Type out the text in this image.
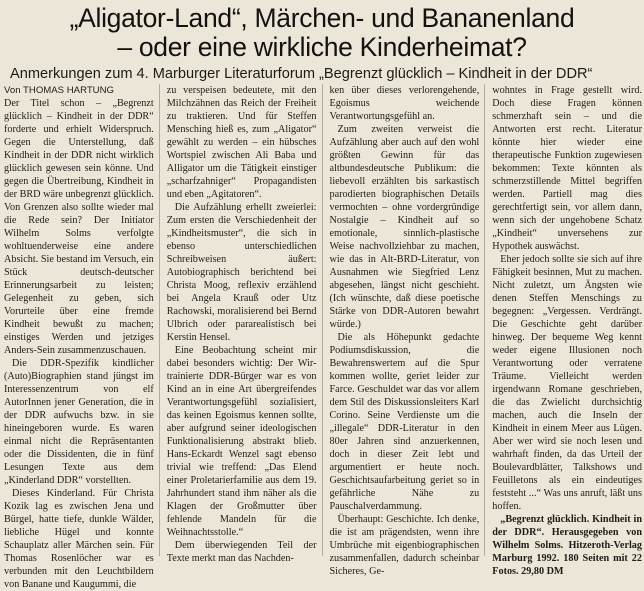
„Aligator-Land“, Märchen- und Bananenland
– oder eine wirkliche Kinderheimat?
Anmerkungen zum 4. Marburger Literaturforum „Begrenzt glücklich – Kindheit in der DDR“
Von THOMAS HARTUNG

Der Titel schon – „Begrenzt glücklich – Kindheit in der DDR“ forderte und erhielt Widerspruch. Gegen die Unterstellung, daß Kindheit in der DDR nicht wirklich glücklich gewesen sein könne. Und gegen die Übertreibung, Kindheit in der BRD wäre unbegrenzt glücklich. Von Grenzen also sollte wieder mal die Rede sein? Der Initiator Wilhelm Solms verfolgte wohltuenderweise eine andere Absicht. Sie bestand im Versuch, ein Stück deutsch-deutscher Erinnerungsarbeit zu leisten; Gelegenheit zu geben, sich Vorurteile über eine fremde Kindheit bewußt zu machen; einstiges Werden und jetziges Anders-Sein zusammenzuschauen.

Die DDR-Spezifik kindlicher (Auto)Biographien stand jüngst im Interessenzentrum von elf AutorInnen jener Generation, die in der DDR aufwuchs bzw. in sie hineingeboren wurde. Es waren einmal nicht die Repräsentanten oder die Dissidenten, die in fünf Lesungen Texte aus dem „Kinderland DDR“ vorstellten.

Dieses Kinderland. Für Christa Kozik lag es zwischen Jena und Bürgel, hatte tiefe, dunkle Wälder, liebliche Hügel und konnte Schauplatz aller Märchen sein. Für Thomas Rosenlöcher war es verbunden mit den Leuchtbildern von Banane und Kaugummi, die

zu verspeisen bedeutete, mit den Milchzähnen das Reich der Freiheit zu traktieren. Und für Steffen Mensching hieß es, zum „Aligator“ gewählt zu werden – ein hübsches Wortspiel zwischen Ali Baba und Alligator um die Tätigkeit einstiger „scharfzahniger“ Propagandisten und eben „Agitatoren“.

Die Aufzählung erhellt zweierlei: Zum ersten die Verschiedenheit der „Kindheitsmuster“, die sich in ebenso unterschiedlichen Schreibweisen äußert: Autobiographisch berichtend bei Christa Moog, reflexiv erzählend bei Angela Krauß oder Utz Rachowski, moralisierend bei Bernd Ulbrich oder pararealistisch bei Kerstin Hensel.

Eine Beobachtung scheint mir dabei besonders wichtig: Der Wir-trainierte DDR-Bürger war es von Kind an in eine Art übergreifendes Verantwortungsgefühl sozialisiert, das keinen Egoismus kennen sollte, aber aufgrund seiner ideologischen Funktionalisierung abstrakt blieb. Hans-Eckardt Wenzel sagt ebenso trivial wie treffend: „Das Elend einer Proletarierfamilie aus dem 19. Jahrhundert stand ihm näher als die Klagen der Großmutter über fehlende Mandeln für die Weihnachtsstolle.“

Dem überwiegenden Teil der Texte merkt man das Nachden-

ken über dieses verlorengehende, Egoismus weichende Verantwortungsgefühl an.

Zum zweiten verweist die Aufzählung aber auch auf den wohl größten Gewinn für das altbundesdeutsche Publikum: die liebevoll erzählten bis sarkastisch parodierten biographischen Details vermochten – ohne vordergründige Nostalgie – Kindheit auf so emotionale, sinnlich-plastische Weise nachvollziehbar zu machen, wie das in Alt-BRD-Literatur, von Ausnahmen wie Siegfried Lenz abgesehen, längst nicht geschieht. (Ich wünschte, daß diese poetische Stärke von DDR-Autoren bewahrt würde.)

Die als Höhepunkt gedachte Podiumsdiskussion, die Bewahrenswertem auf die Spur kommen wollte, geriet leider zur Farce. Geschuldet war das vor allem dem Stil des Diskussionsleiters Karl Corino. Seine Verdienste um die „illegale“ DDR-Literatur in den 80er Jahren sind anzuerkennen, doch in dieser Zeit lebt und argumentiert er heute noch. Geschichtsaufarbeitung geriet so in gefährliche Nähe zu Pauschalverdammung.

Überhaupt: Geschichte. Ich denke, die ist am prägendsten, wenn ihre Umbrüche mit eigenbiographischen zusammenfallen, dadurch scheinbar Sicheres, Ge-

wohntes in Frage gestellt wird. Doch diese Fragen können schmerzhaft sein – und die Antworten erst recht. Literatur könnte hier wieder eine therapeutische Funktion zugewiesen bekommen: Texte könnten als schmerzstillende Mittel begriffen werden. Partiell mag dies gerechtfertigt sein, vor allem dann, wenn sich der ungehobene Schatz „Kindheit“ unversehens zur Hypothek auswächst.

Eher jedoch sollte sie sich auf ihre Fähigkeit besinnen, Mut zu machen. Nicht zuletzt, um Ängsten wie denen Steffen Menschings zu begegnen: „Vergessen. Verdrängt. Die Geschichte geht darüber hinweg. Der bequeme Weg kennt weder eigene Illusionen noch Verantwortung oder verratene Träume. Vielleicht werden irgendwann Romane geschrieben, die das Zwielicht durchsichtig machen, auch die Inseln der Kindheit in einem Meer aus Lügen. Aber wer wird sie noch lesen und wahrhaft finden, da das Urteil der Boulevardblätter, Talkshows und Feuilletons als ein eindeutiges feststeht ...“ Was uns anruft, läßt uns hoffen.

„Begrenzt glücklich. Kindheit in der DDR“. Herausgegeben von Wilhelm Solms. Hitzeroth-Verlag Marburg 1992. 180 Seiten mit 22 Fotos. 29,80 DM
